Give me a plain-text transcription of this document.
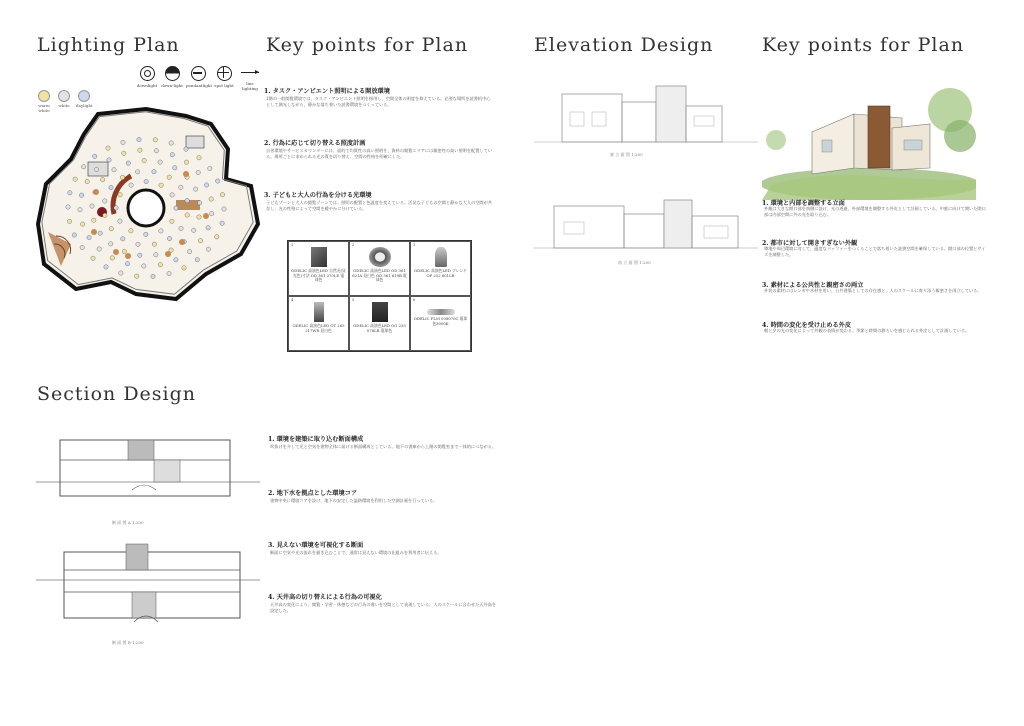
Lighting Plan	Key points for Plan	Elevation Design	Key points for Plan
Section Design
downlight down-light pendantlight spot light	line lighting
warm white
white	daylight
1. タスク・アンビエント照明による開放環境
1階の一般閲覧環境では、タスク・アンビエント照明を採用し、空間全体の明度を抑えている。必要な場所を読書机中心として調光しながら、静かな落ち着いた読書環境をつくっている。
2. 行為に応じて切り替える照度計画
自習環境やサービスカウンターには、面的で均質性の高い照明を、資料の閲覧エリアには親密性の高い照明を配置している。場所ごとに求められる光の質を切り替え、空間の性格を明確にした。
3. 子どもと大人の行為を分ける光環境
子どもゾーンと大人の閲覧ゾーンでは、照明の配置と色温度を変えている。活発な子どもの空間と静かな大人の空間が共存し、光の性格によって空間を緩やかに分けている。
1
ODELIC 高演色LED 自然光(昼光色)寸法 OD 361 370LE 電球色
2
ODELIC 高演色LED OD 361 621A 昼白色 OD 361 619B 電球色
3
ODELIC 高演色LED ブレンドOP 252 601LR
4
ODELIC 高演色LED OT 265 217WR 昼白色
5
ODELIC 高演色LED OG 255 076LR 電球色
6
ODELIC FLM 008070C 電球色3000K
東 立 面 図 1:200
南 立 面 図 1:200
1. 環境と内部を調整する立面
外観は大きな開口部を南側に設け、光の透過、外部環境を調整する外皮として計画している。中庭に向けて開いた開口部は内部空間に外の光を取り込む。
2. 都市に対して開きすぎない外観
隣地や周辺環境に対して、適度なバッファーをつくることで落ち着いた読書空間を確保している。開口部の位置とサイズを調整した。
3. 素材による公共性と親密さの両立
外装の素材にはレンガや木材を用い、公共建築としての存在感と、人のスケールに寄り添う親密さを両立している。
4. 時間の変化を受け止める外皮
朝と夕の光の変化によって外観の表情が変わる。季節と時間の移ろいを感じられる外皮として計画している。
断 面 図 A 1:200
断 面 図 B 1:200
1. 環境を建築に取り込む断面構成
吹抜けを介して光と空気を建物全体に届ける断面構成としている。地下の書庫から上階の閲覧室まで一体的につながる。
2. 地下水を拠点とした環境コア
建物中央に環境コアを設け、地下の安定した温熱環境を利用した空調計画を行っている。
3. 見えない環境を可視化する断面
断面に空気や光の流れを描き込むことで、通常は見えない環境の仕組みを利用者に伝える。
4. 天井高の切り替えによる行為の可視化
天井高の変化により、閲覧・学習・休憩などの行為の違いを空間として表現している。人のスケールに合わせた天井高を設定した。
